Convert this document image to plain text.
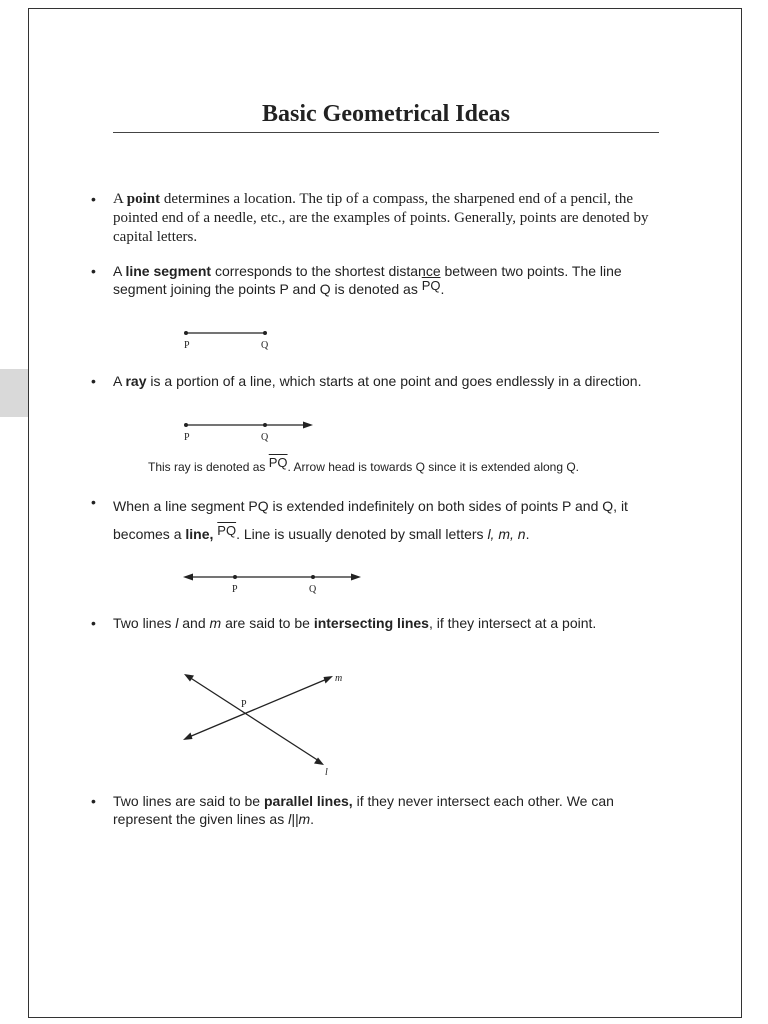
Basic Geometrical Ideas
• A point determines a location. The tip of a compass, the sharpened end of a pencil, the pointed end of a needle, etc., are the examples of points. Generally, points are denoted by capital letters.
• A line segment corresponds to the shortest distance between two points. The line segment joining the points P and Q is denoted as $\overline{PQ}$.
P	Q
• A ray is a portion of a line, which starts at one point and goes endlessly in a direction.
P	Q
This ray is denoted as $\overline{PQ}$. Arrow head is towards Q since it is extended along Q.
• When a line segment PQ is extended indefinitely on both sides of points P and Q, it becomes a line, $\overline{PQ}$. Line is usually denoted by small letters l, m, n.
P	Q
• Two lines l and m are said to be intersecting lines, if they intersect at a point.
P
m
l
• Two lines are said to be parallel lines, if they never intersect each other. We can represent the given lines as l||m.
